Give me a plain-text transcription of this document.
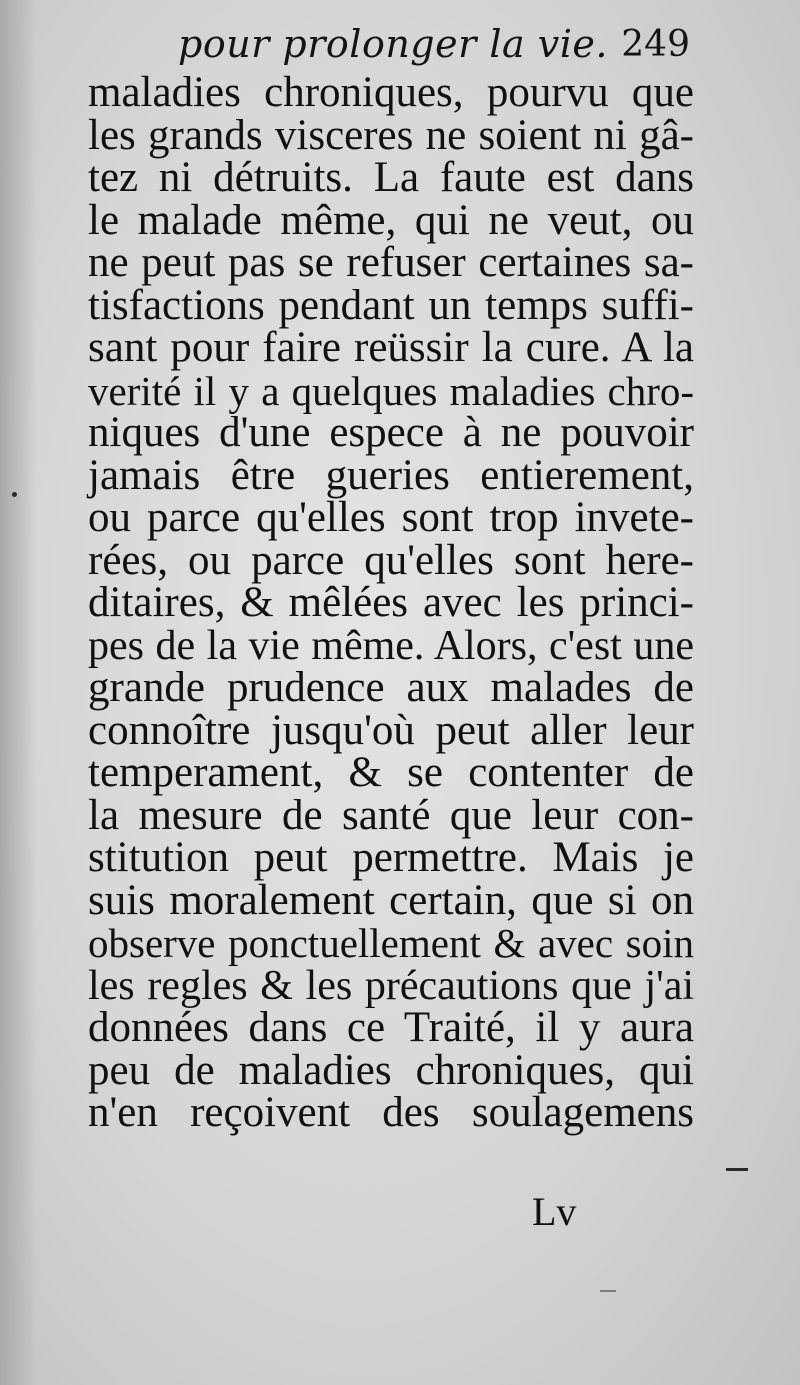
pour prolonger la vie. 249
maladies chroniques, pourvu que
les grands visceres ne soient ni gâ-
tez ni détruits. La faute est dans
le malade même, qui ne veut, ou
ne peut pas se refuser certaines sa-
tisfactions pendant un temps suffi-
sant pour faire reüssir la cure. A la
verité il y a quelques maladies chro-
niques d'une espece à ne pouvoir
jamais être gueries entierement,
ou parce qu'elles sont trop invete-
rées, ou parce qu'elles sont here-
ditaires, & mêlées avec les princi-
pes de la vie même. Alors, c'est une
grande prudence aux malades de
connoître jusqu'où peut aller leur
temperament, & se contenter de
la mesure de santé que leur con-
stitution peut permettre. Mais je
suis moralement certain, que si on
observe ponctuellement & avec soin
les regles & les précautions que j'ai
données dans ce Traité, il y aura
peu de maladies chroniques, qui
n'en reçoivent des soulagemens
Lv
